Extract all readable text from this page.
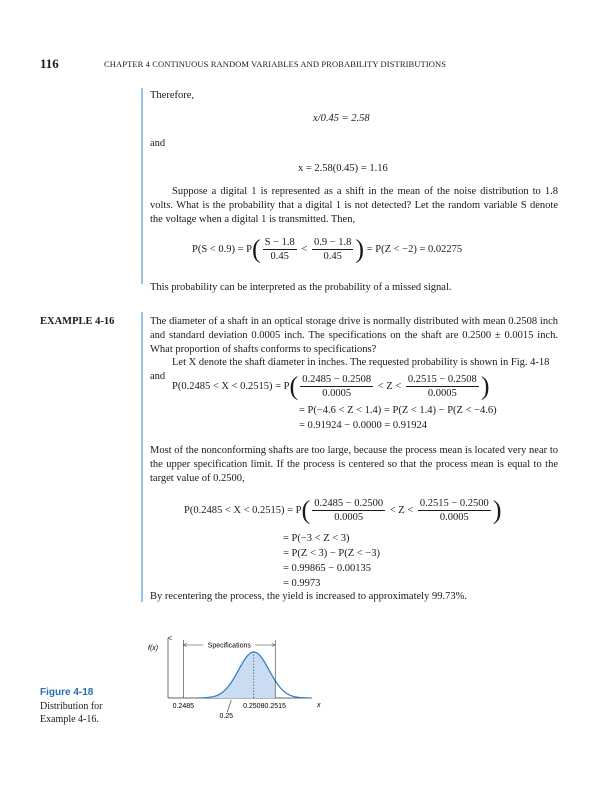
116	CHAPTER 4 CONTINUOUS RANDOM VARIABLES AND PROBABILITY DISTRIBUTIONS
Therefore,
x/0.45 = 2.58
and
x = 2.58(0.45) = 1.16
Suppose a digital 1 is represented as a shift in the mean of the noise distribution to 1.8 volts. What is the probability that a digital 1 is not detected? Let the random variable S denote the voltage when a digital 1 is transmitted. Then,
$P(S < 0.9) = P( \frac{S - 1.8}{0.45} < \frac{0.9 - 1.8}{0.45}$ ) = P(Z < −2) = 0.02275
This probability can be interpreted as the probability of a missed signal.
EXAMPLE 4-16	The diameter of a shaft in an optical storage drive is normally distributed with mean 0.2508 inch and standard deviation 0.0005 inch. The specifications on the shaft are 0.2500 ± 0.0015 inch. What proportion of shafts conforms to specifications?
Let X denote the shaft diameter in inches. The requested probability is shown in Fig. 4-18 and
$P(0.2485 < X < 0.2515) = P( \frac{0.2485 - 0.2508}{0.0005} < Z < \frac{0.2515 - 0.2508}{0.0005}$ )
= P(−4.6 < Z < 1.4) = P(Z < 1.4) − P(Z < −4.6)
= 0.91924 − 0.0000 = 0.91924
Most of the nonconforming shafts are too large, because the process mean is located very near to the upper specification limit. If the process is centered so that the process mean is equal to the target value of 0.2500,
$P(0.2485 < X < 0.2515) = P( \frac{0.2485 - 0.2500}{0.0005} < Z < \frac{0.2515 - 0.2500}{0.0005}$ )
= P(−3 < Z < 3)
= P(Z < 3) − P(Z < −3)
= 0.99865 − 0.00135
= 0.9973
By recentering the process, the yield is increased to approximately 99.73%.
Figure 4-18
Distribution for
Example 4-16.
f(x)
x
Specifications
0.2485	0.2508 0.2515
0.25
